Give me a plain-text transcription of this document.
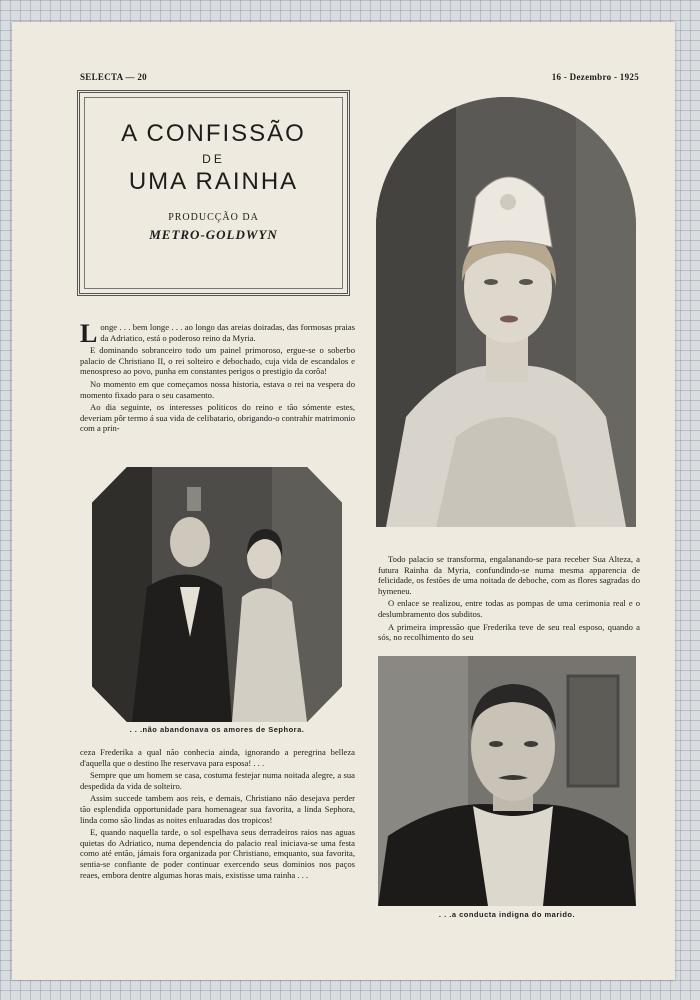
SELECTA — 20	16 - Dezembro - 1925
A CONFISSÃO
DE
UMA RAINHA
PRODUCÇÃO DA
METRO-GOLDWYN

Longe . . . bem longe . . . ao longo das areias doiradas, das formosas praias da Adriatico, está o poderoso reino da Myria.

E dominando sobranceiro todo um painel primoroso, ergue-se o soberbo palacio de Christiano II, o rei solteiro e debochado, cuja vida de escandalos e menospreso ao povo, punha em constantes perigos o prestigio da corôa!

No momento em que começamos nossa historia, estava o rei na vespera do momento fixado para o seu casamento.

Ao dia seguinte, os interesses politicos do reino e tão sómente estes, deveriam pôr termo á sua vida de celibatario, obrigando-o contrahir matrimonio com a prin-

. . .não abandonava os amores de Sephora.

ceza Frederika a qual não conhecia ainda, ignorando a peregrina belleza d'aquella que o destino lhe reservava para esposa! . . .

Sempre que um homem se casa, costuma festejar numa noitada alegre, a sua despedida da vida de solteiro.

Assim succede tambem aos reis, e demais, Christiano não desejava perder tão esplendida opportunidade para homenagear sua favorita, a linda Sephora, linda como são lindas as noites enluaradas dos tropicos!

E, quando naquella tarde, o sol espelhava seus derradeiros raios nas aguas quietas do Adriatico, numa dependencia do palacio real iniciava-se uma festa como até então, jámais fora organizada por Christiano, emquanto, sua favorita, sentia-se confiante de poder continuar exercendo seus dominios nos paços reaes, embora dentre algumas horas mais, existisse uma rainha . . .

Todo palacio se transforma, engalanando-se para receber Sua Alteza, a futura Rainha da Myria, confundindo-se numa mesma apparencia de felicidade, os festões de uma noitada de deboche, com as flores sagradas do hymeneu.

O enlace se realizou, entre todas as pompas de uma cerimonia real e o deslumbramento dos subditos.

A primeira impressão que Frederika teve de seu real esposo, quando a sós, no recolhimento do seu

. . .a conducta indigna do marido.
